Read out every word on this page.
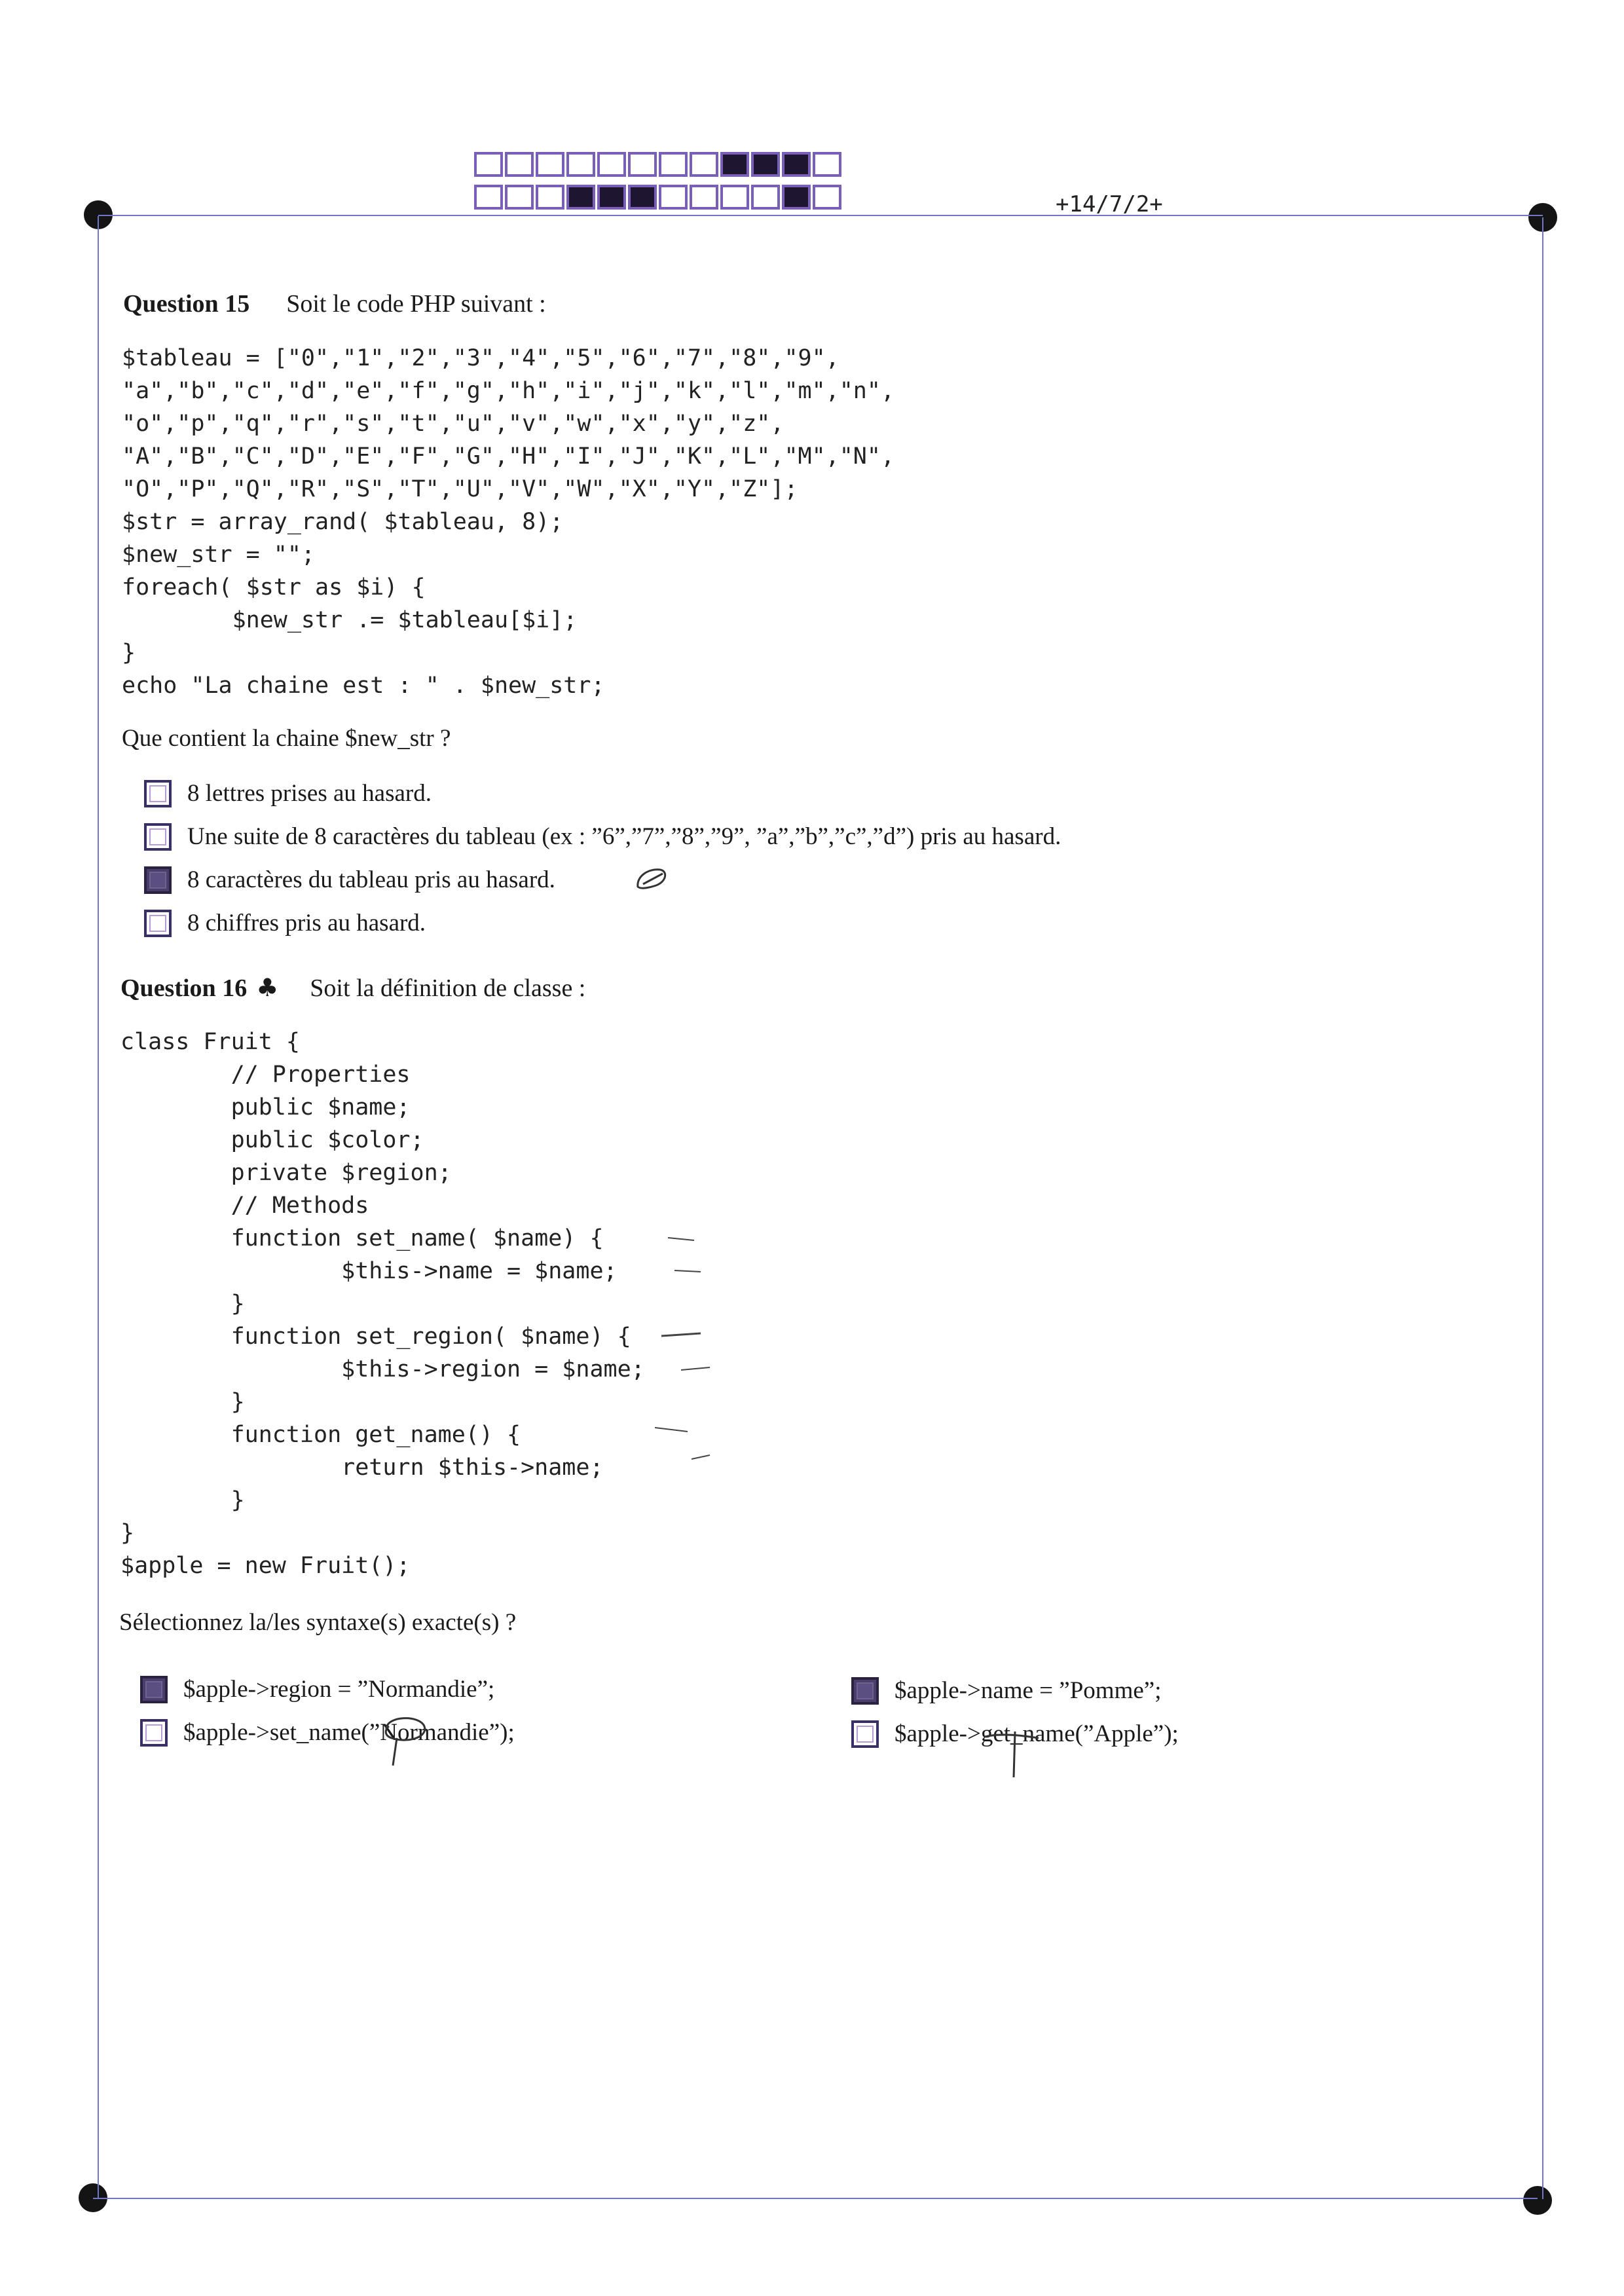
+14/7/2+
Question 15 Soit le code PHP suivant :
$tableau = ["0","1","2","3","4","5","6","7","8","9",
"a","b","c","d","e","f","g","h","i","j","k","l","m","n",
"o","p","q","r","s","t","u","v","w","x","y","z",
"A","B","C","D","E","F","G","H","I","J","K","L","M","N",
"O","P","Q","R","S","T","U","V","W","X","Y","Z"];
$str = array_rand( $tableau, 8);
$new_str = "";
foreach( $str as $i) {
$new_str .= $tableau[$i];
}
echo "La chaine est : " . $new_str;
Que contient la chaine $new_str ?
8 lettres prises au hasard.
Une suite de 8 caractères du tableau (ex : ”6”,”7”,”8”,”9”, ”a”,”b”,”c”,”d”) pris au hasard.
8 caractères du tableau pris au hasard.
8 chiffres pris au hasard.
Question 16 ♣ Soit la définition de classe :
class Fruit {
// Properties
public $name;
public $color;
private $region;
// Methods
function set_name( $name) {
$this->name = $name;
}
function set_region( $name) {
$this->region = $name;
}
function get_name() {
return $this->name;
}
}
$apple = new Fruit();
Sélectionnez la/les syntaxe(s) exacte(s) ?
$apple->region = ”Normandie”;	$apple->name = ”Pomme”;
$apple->set_name(”Normandie”);	$apple->get_name(”Apple”);
